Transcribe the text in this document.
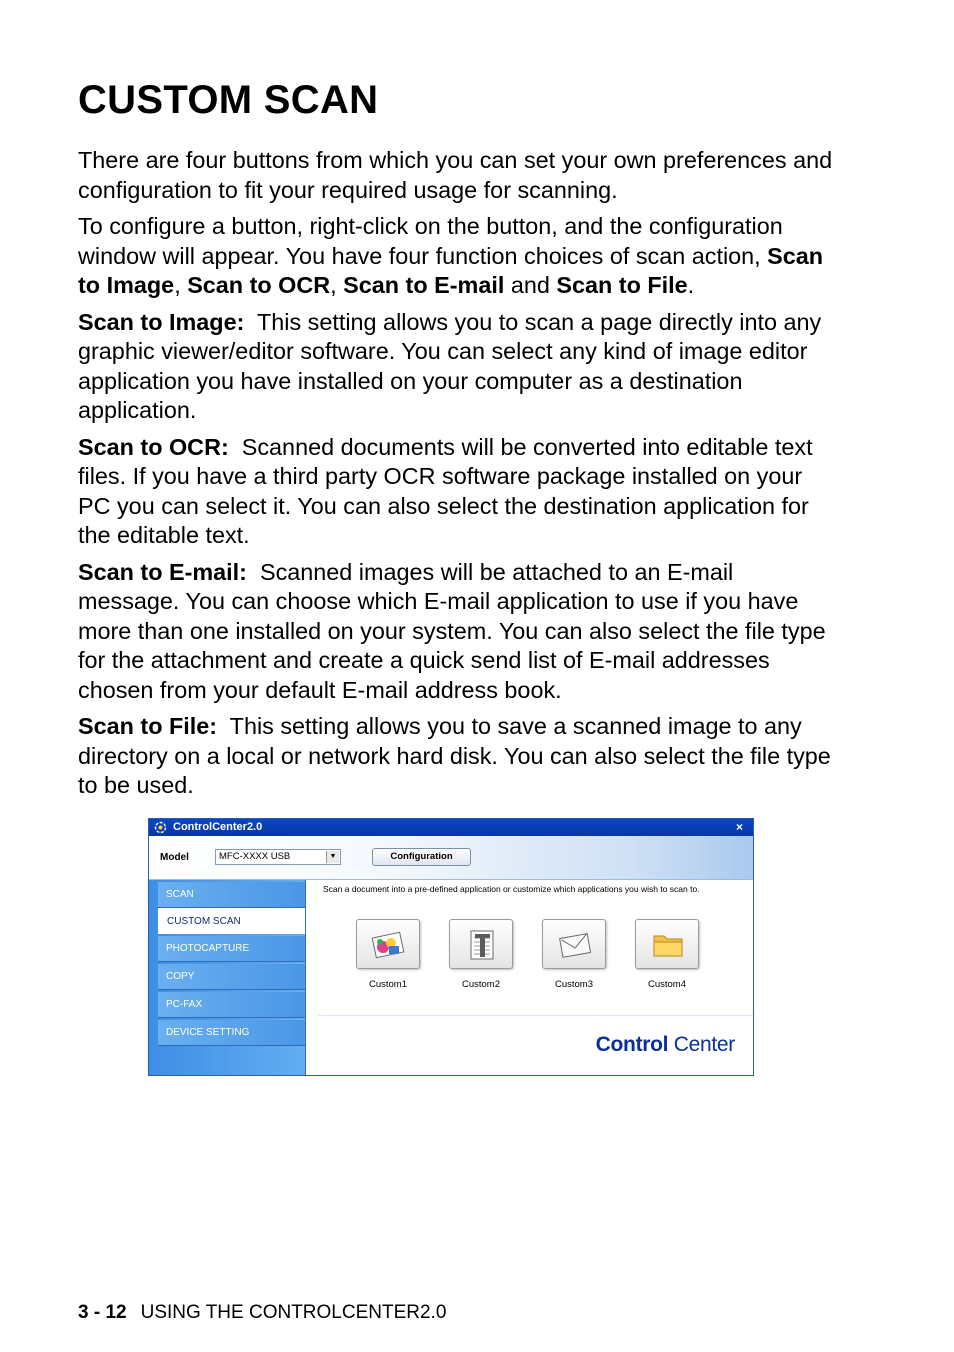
CUSTOM SCAN

There are four buttons from which you can set your own preferences and configuration to fit your required usage for scanning.

To configure a button, right-click on the button, and the configuration window will appear. You have four function choices of scan action, Scan to Image, Scan to OCR, Scan to E-mail and Scan to File.

Scan to Image: This setting allows you to scan a page directly into any graphic viewer/editor software. You can select any kind of image editor application you have installed on your computer as a destination application.

Scan to OCR: Scanned documents will be converted into editable text files. If you have a third party OCR software package installed on your PC you can select it. You can also select the destination application for the editable text.

Scan to E-mail: Scanned images will be attached to an E-mail message. You can choose which E-mail application to use if you have more than one installed on your system. You can also select the file type for the attachment and create a quick send list of E-mail addresses chosen from your default E-mail address book.

Scan to File: This setting allows you to save a scanned image to any directory on a local or network hard disk. You can also select the file type to be used.

ControlCenter2.0	×
Model	MFC-XXXX USB	▼	Configuration
SCAN
CUSTOM SCAN
PHOTOCAPTURE
COPY
PC-FAX
DEVICE SETTING
Scan a document into a pre-defined application or customize which applications you wish to scan to.
Custom1	Custom2	Custom3	Custom4
Control Center
3 - 12 USING THE CONTROLCENTER2.0
